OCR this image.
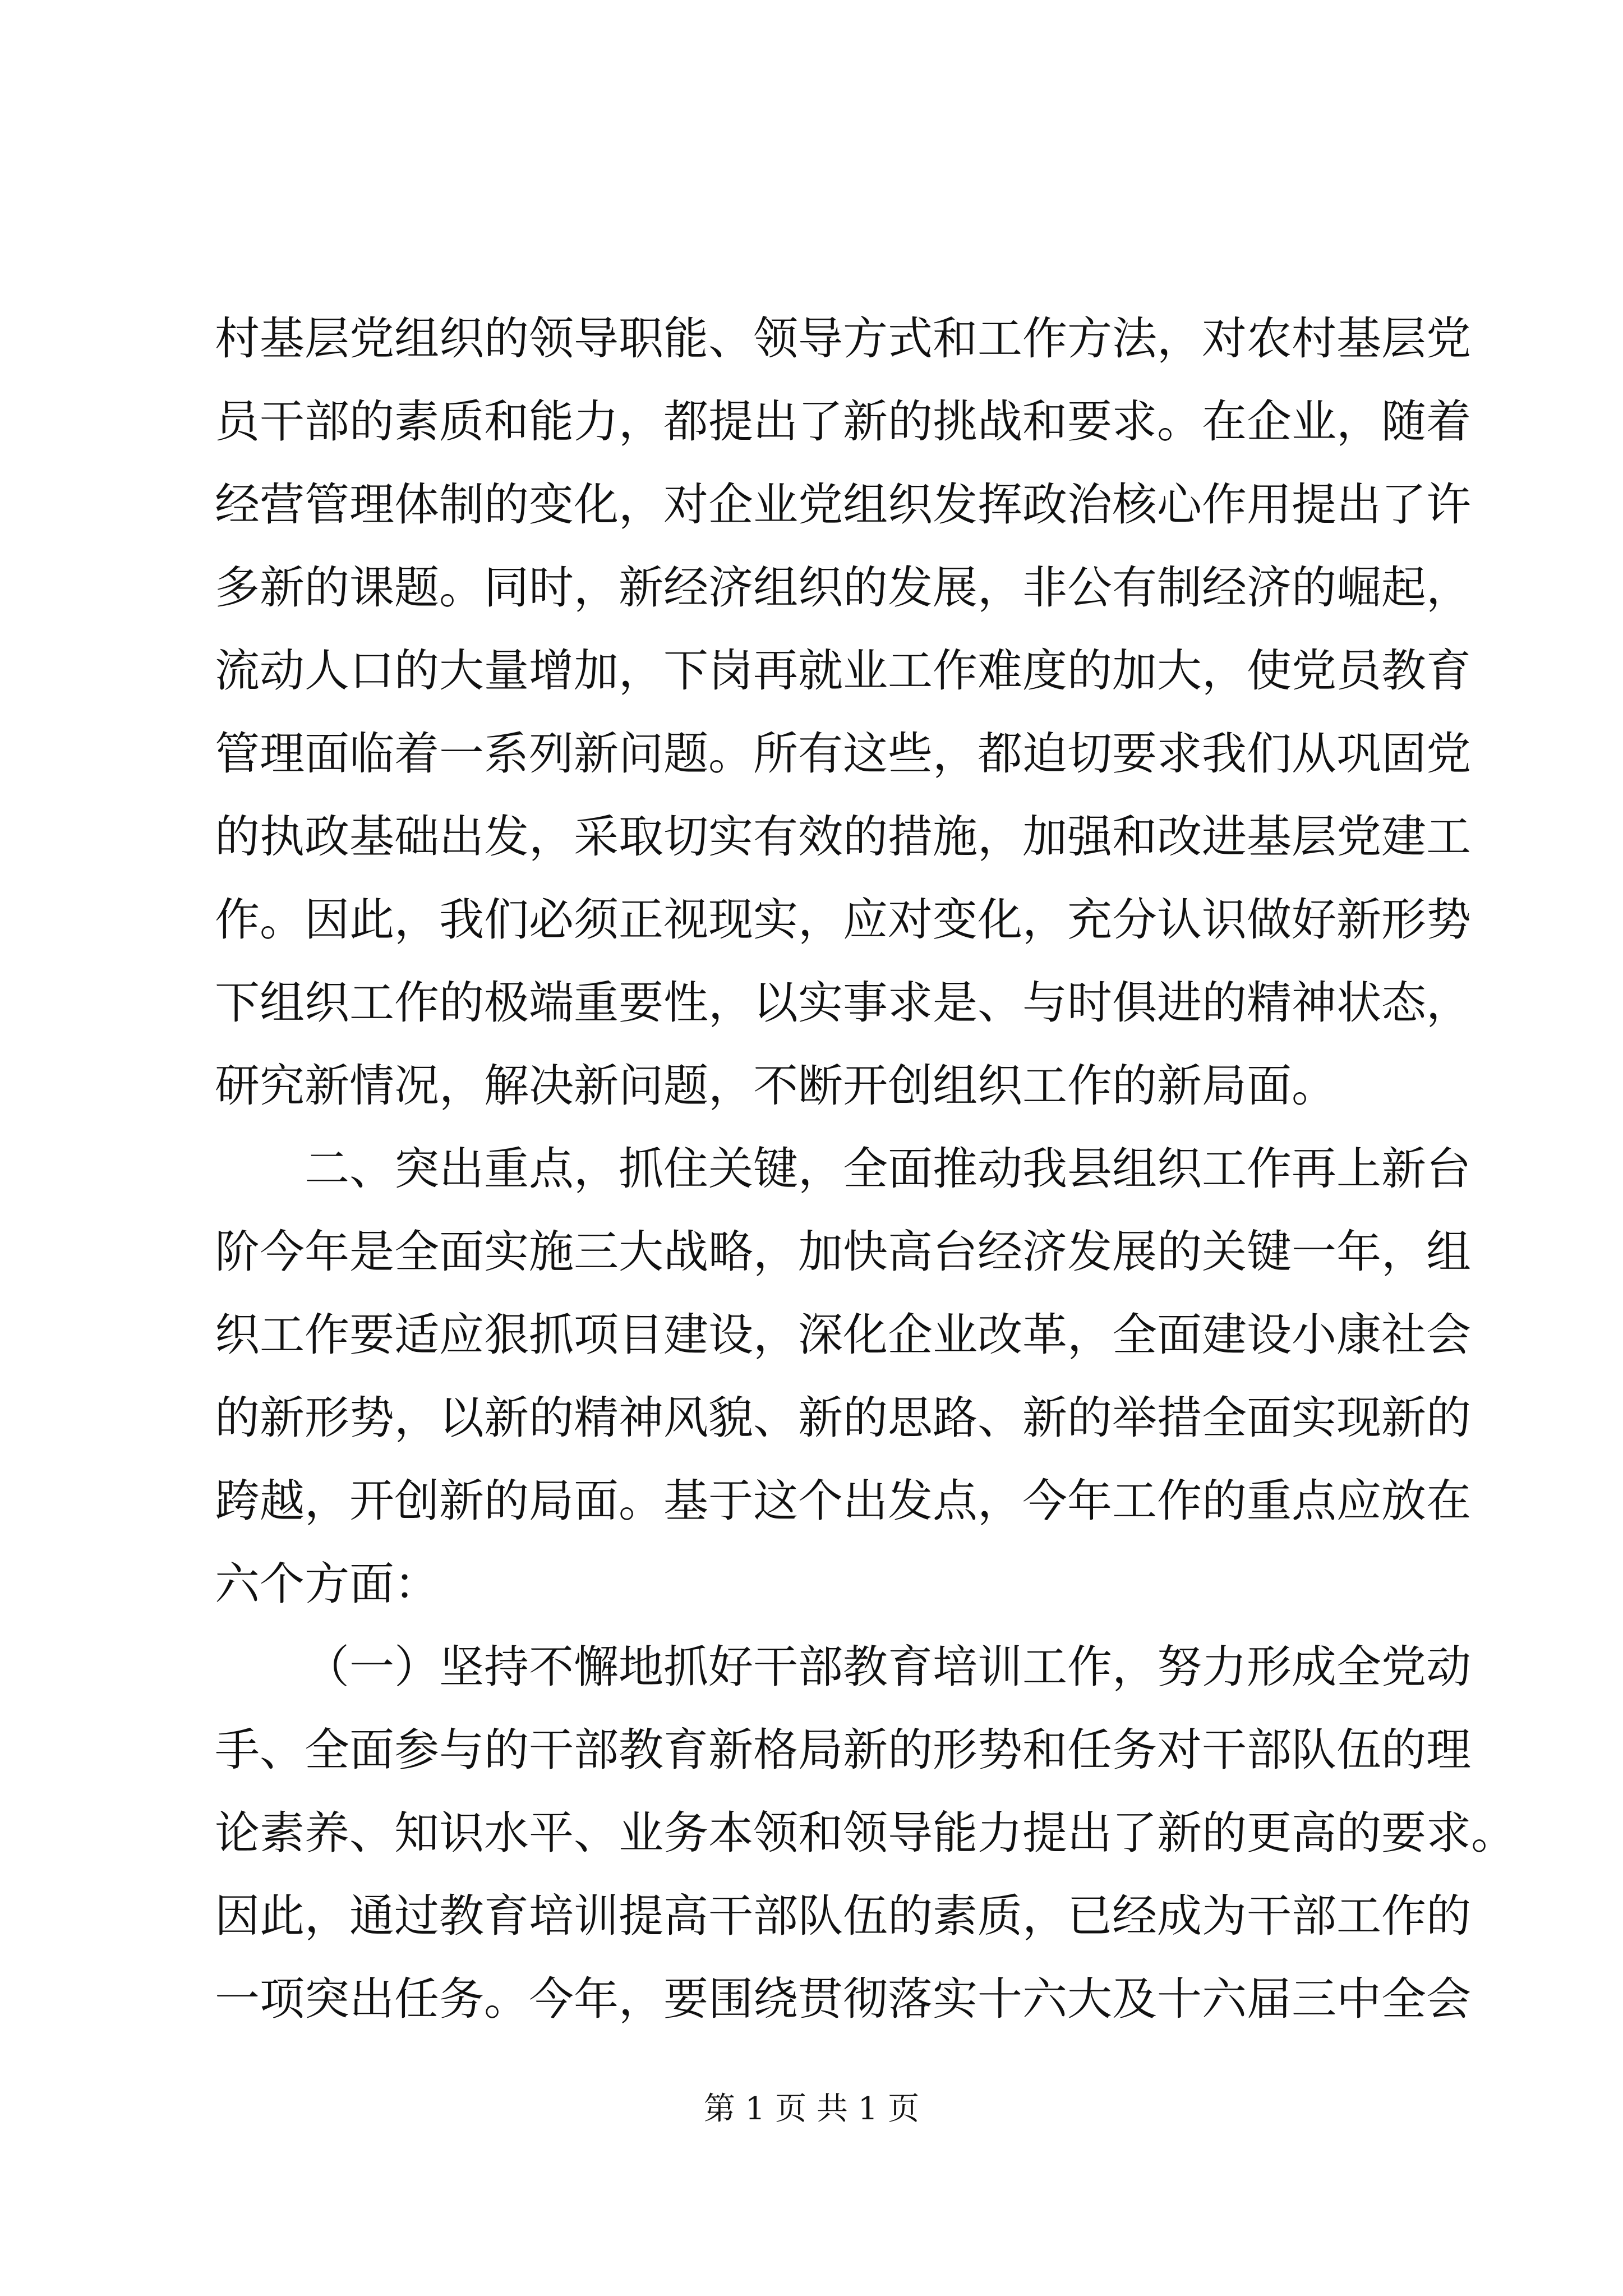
村基层党组织的领导职能、领导方式和工作方法，对农村基层党
员干部的素质和能力，都提出了新的挑战和要求。在企业，随着
经营管理体制的变化，对企业党组织发挥政治核心作用提出了许
多新的课题。同时，新经济组织的发展，非公有制经济的崛起，
流动人口的大量增加，下岗再就业工作难度的加大，使党员教育
管理面临着一系列新问题。所有这些，都迫切要求我们从巩固党
的执政基础出发，采取切实有效的措施，加强和改进基层党建工
作。因此，我们必须正视现实，应对变化，充分认识做好新形势
下组织工作的极端重要性，以实事求是、与时俱进的精神状态，
研究新情况，解决新问题，不断开创组织工作的新局面。
二、突出重点，抓住关键，全面推动我县组织工作再上新台
阶今年是全面实施三大战略，加快高台经济发展的关键一年，组
织工作要适应狠抓项目建设，深化企业改革，全面建设小康社会
的新形势，以新的精神风貌、新的思路、新的举措全面实现新的
跨越，开创新的局面。基于这个出发点，今年工作的重点应放在
六个方面：
（一）坚持不懈地抓好干部教育培训工作，努力形成全党动
手、全面参与的干部教育新格局新的形势和任务对干部队伍的理
论素养、知识水平、业务本领和领导能力提出了新的更高的要求。
因此，通过教育培训提高干部队伍的素质，已经成为干部工作的
一项突出任务。今年，要围绕贯彻落实十六大及十六届三中全会
第 1 页 共 1 页
